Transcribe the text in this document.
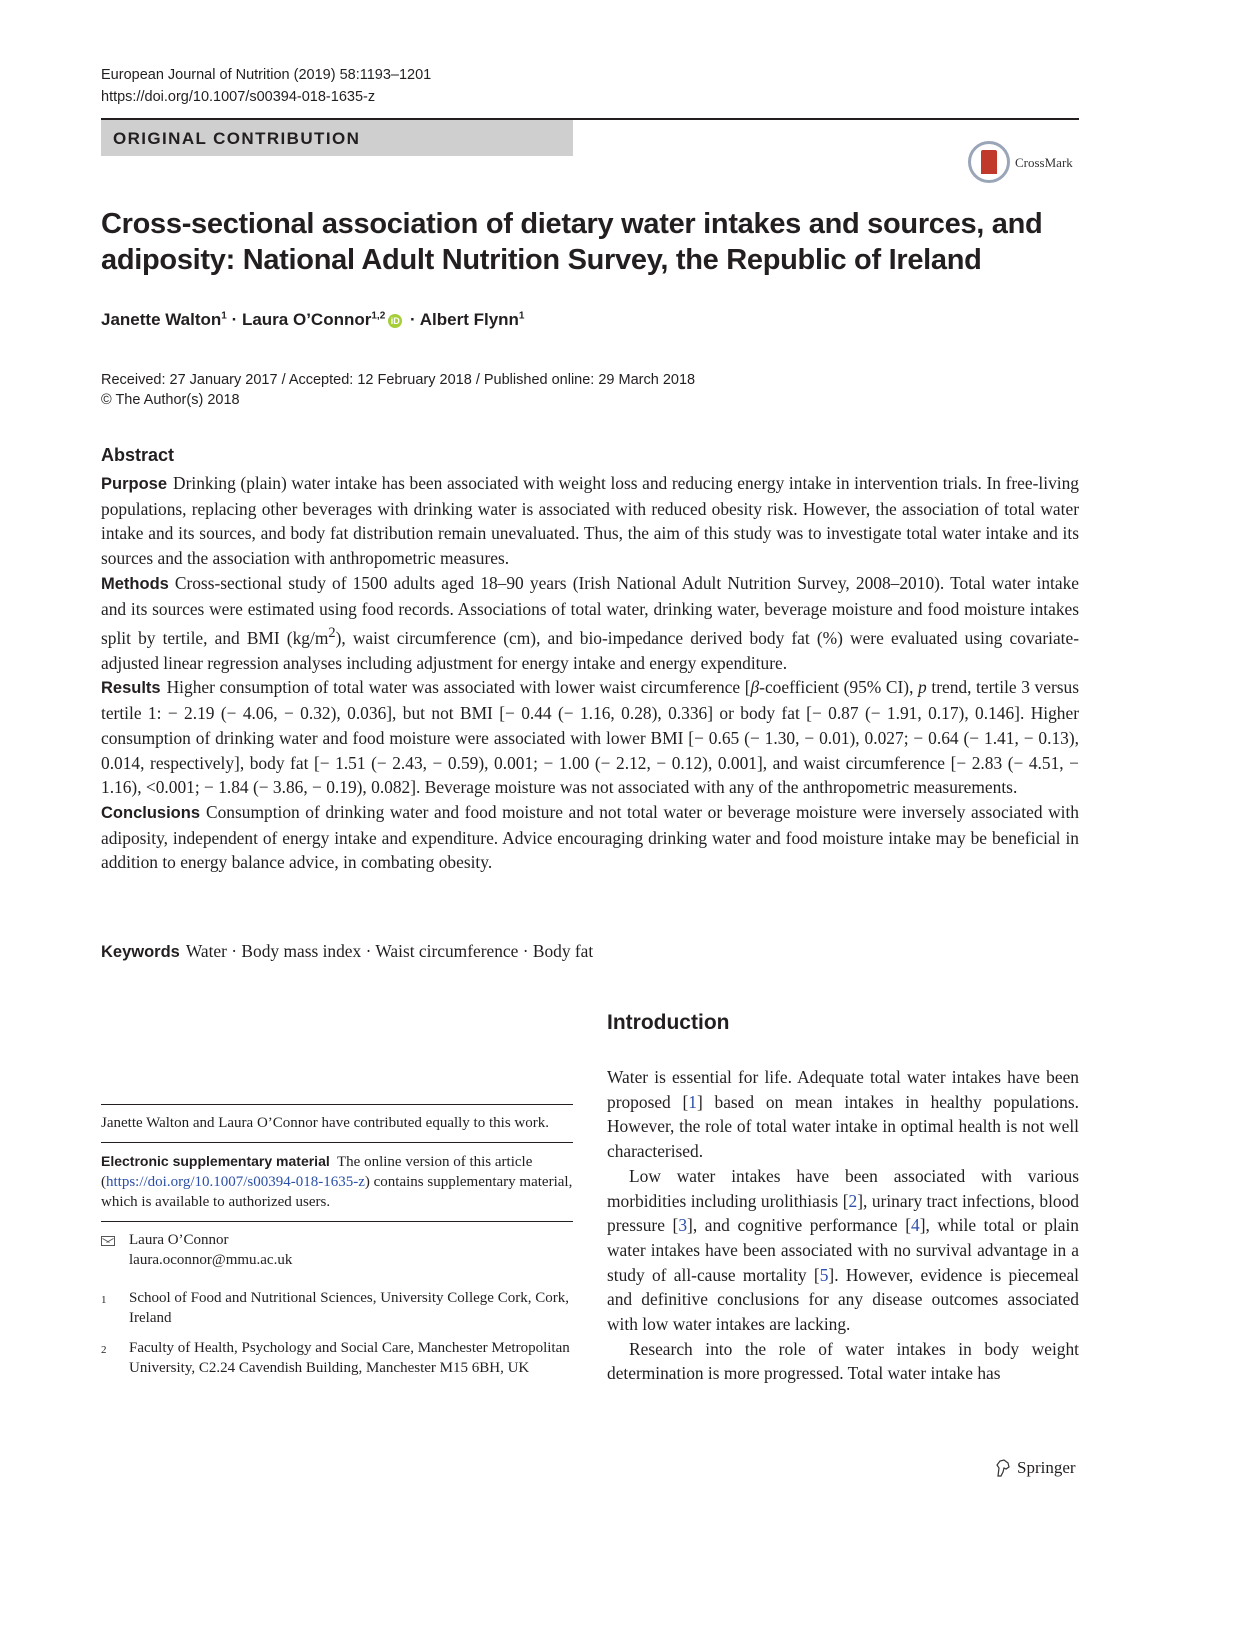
European Journal of Nutrition (2019) 58:1193–1201
https://doi.org/10.1007/s00394-018-1635-z
ORIGINAL CONTRIBUTION
CrossMark
Cross-sectional association of dietary water intakes and sources, and adiposity: National Adult Nutrition Survey, the Republic of Ireland
Janette Walton$^1$ · Laura O’Connor$^{1,2}$ iD · Albert Flynn$^1$
Received: 27 January 2017 / Accepted: 12 February 2018 / Published online: 29 March 2018
© The Author(s) 2018
Abstract

Purpose Drinking (plain) water intake has been associated with weight loss and reducing energy intake in intervention trials. In free-living populations, replacing other beverages with drinking water is associated with reduced obesity risk. However, the association of total water intake and its sources, and body fat distribution remain unevaluated. Thus, the aim of this study was to investigate total water intake and its sources and the association with anthropometric measures.

Methods Cross-sectional study of 1500 adults aged 18–90 years (Irish National Adult Nutrition Survey, 2008–2010). Total water intake and its sources were estimated using food records. Associations of total water, drinking water, beverage moisture and food moisture intakes split by tertile, and BMI $(kg/m^2)$, waist circumference (cm), and bio-impedance derived body fat (%) were evaluated using covariate-adjusted linear regression analyses including adjustment for energy intake and energy expenditure.

Results Higher consumption of total water was associated with lower waist circumference [β-coefficient (95% CI), p trend, tertile 3 versus tertile 1: − 2.19 (− 4.06, − 0.32), 0.036], but not BMI [− 0.44 (− 1.16, 0.28), 0.336] or body fat [− 0.87 (− 1.91, 0.17), 0.146]. Higher consumption of drinking water and food moisture were associated with lower BMI [− 0.65 (− 1.30, − 0.01), 0.027; − 0.64 (− 1.41, − 0.13), 0.014, respectively], body fat [− 1.51 (− 2.43, − 0.59), 0.001; − 1.00 (− 2.12, − 0.12), 0.001], and waist circumference [− 2.83 (− 4.51, − 1.16), <0.001; − 1.84 (− 3.86, − 0.19), 0.082]. Beverage moisture was not associated with any of the anthropometric measurements.

Conclusions Consumption of drinking water and food moisture and not total water or beverage moisture were inversely associated with adiposity, independent of energy intake and expenditure. Advice encouraging drinking water and food moisture intake may be beneficial in addition to energy balance advice, in combating obesity.

Keywords Water · Body mass index · Waist circumference · Body fat
Janette Walton and Laura O’Connor have contributed equally to this work.
Electronic supplementary material The online version of this article (https://doi.org/10.1007/s00394-018-1635-z) contains supplementary material, which is available to authorized users.
Laura O’Connor
laura.oconnor@mmu.ac.uk
1	School of Food and Nutritional Sciences, University College Cork, Cork, Ireland
2	Faculty of Health, Psychology and Social Care, Manchester Metropolitan University, C2.24 Cavendish Building, Manchester M15 6BH, UK
Introduction

Water is essential for life. Adequate total water intakes have been proposed [1] based on mean intakes in healthy populations. However, the role of total water intake in optimal health is not well characterised.

Low water intakes have been associated with various morbidities including urolithiasis [2], urinary tract infections, blood pressure [3], and cognitive performance [4], while total or plain water intakes have been associated with no survival advantage in a study of all-cause mortality [5]. However, evidence is piecemeal and definitive conclusions for any disease outcomes associated with low water intakes are lacking.

Research into the role of water intakes in body weight determination is more progressed. Total water intake has

Springer
